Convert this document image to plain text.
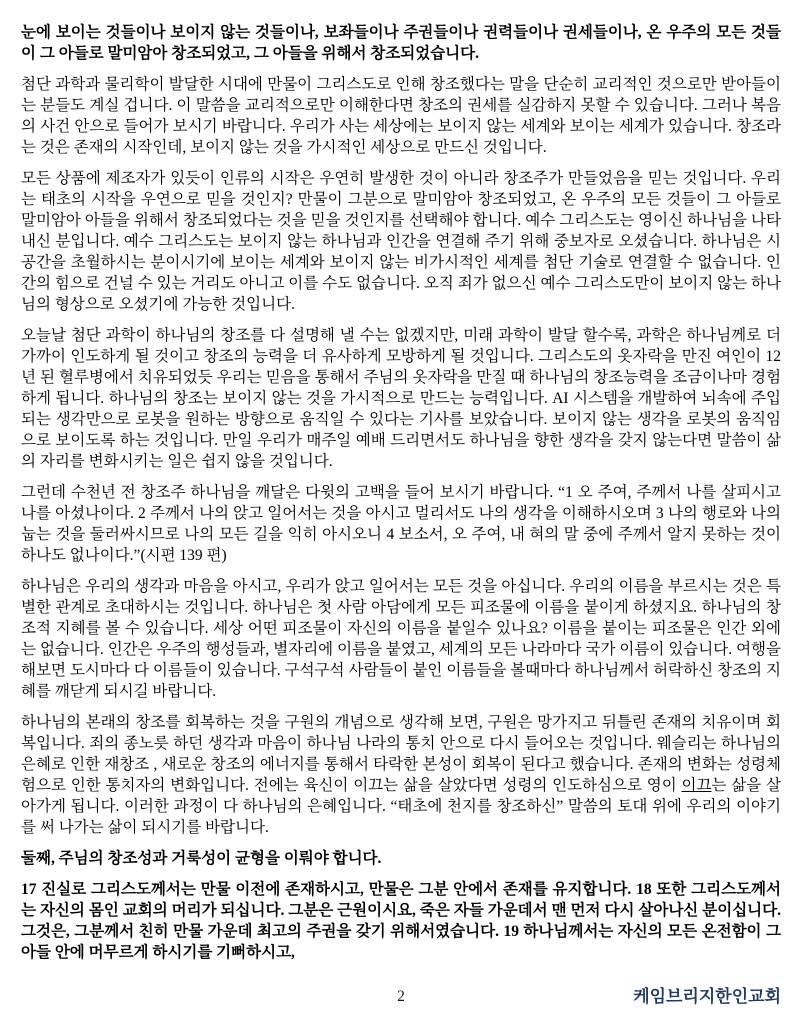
눈에 보이는 것들이나 보이지 않는 것들이나, 보좌들이나 주권들이나 권력들이나 권세들이나, 온 우주의 모든 것들이 그 아들로 말미암아 창조되었고, 그 아들을 위해서 창조되었습니다.

첨단 과학과 물리학이 발달한 시대에 만물이 그리스도로 인해 창조했다는 말을 단순히 교리적인 것으로만 받아들이는 분들도 계실 겁니다. 이 말씀을 교리적으로만 이해한다면 창조의 권세를 실감하지 못할 수 있습니다. 그러나 복음의 사건 안으로 들어가 보시기 바랍니다. 우리가 사는 세상에는 보이지 않는 세계와 보이는 세계가 있습니다. 창조라는 것은 존재의 시작인데, 보이지 않는 것을 가시적인 세상으로 만드신 것입니다.

모든 상품에 제조자가 있듯이 인류의 시작은 우연히 발생한 것이 아니라 창조주가 만들었음을 믿는 것입니다. 우리는 태초의 시작을 우연으로 믿을 것인지? 만물이 그분으로 말미암아 창조되었고, 온 우주의 모든 것들이 그 아들로 말미암아 아들을 위해서 창조되었다는 것을 믿을 것인지를 선택해야 합니다. 예수 그리스도는 영이신 하나님을 나타내신 분입니다. 예수 그리스도는 보이지 않는 하나님과 인간을 연결해 주기 위해 중보자로 오셨습니다. 하나님은 시공간을 초월하시는 분이시기에 보이는 세계와 보이지 않는 비가시적인 세계를 첨단 기술로 연결할 수 없습니다. 인간의 힘으로 건널 수 있는 거리도 아니고 이를 수도 없습니다. 오직 죄가 없으신 예수 그리스도만이 보이지 않는 하나님의 형상으로 오셨기에 가능한 것입니다.

오늘날 첨단 과학이 하나님의 창조를 다 설명해 낼 수는 없겠지만, 미래 과학이 발달 할수록, 과학은 하나님께로 더 가까이 인도하게 될 것이고 창조의 능력을 더 유사하게 모방하게 될 것입니다. 그리스도의 옷자락을 만진 여인이 12 년 된 혈루병에서 치유되었듯 우리는 믿음을 통해서 주님의 옷자락을 만질 때 하나님의 창조능력을 조금이나마 경험하게 됩니다. 하나님의 창조는 보이지 않는 것을 가시적으로 만드는 능력입니다. AI 시스템을 개발하여 뇌속에 주입되는 생각만으로 로봇을 원하는 방향으로 움직일 수 있다는 기사를 보았습니다. 보이지 않는 생각을 로봇의 움직임으로 보이도록 하는 것입니다. 만일 우리가 매주일 예배 드리면서도 하나님을 향한 생각을 갖지 않는다면 말씀이 삶의 자리를 변화시키는 일은 쉽지 않을 것입니다.

그런데 수천년 전 창조주 하나님을 깨달은 다윗의 고백을 들어 보시기 바랍니다. “1 오 주여, 주께서 나를 살피시고 나를 아셨나이다. 2 주께서 나의 앉고 일어서는 것을 아시고 멀리서도 나의 생각을 이해하시오며 3 나의 행로와 나의 눕는 것을 둘러싸시므로 나의 모든 길을 익히 아시오니 4 보소서, 오 주여, 내 혀의 말 중에 주께서 알지 못하는 것이 하나도 없나이다.”(시편 139 편)

하나님은 우리의 생각과 마음을 아시고, 우리가 앉고 일어서는 모든 것을 아십니다. 우리의 이름을 부르시는 것은 특별한 관계로 초대하시는 것입니다. 하나님은 첫 사람 아담에게 모든 피조물에 이름을 붙이게 하셨지요. 하나님의 창조적 지혜를 볼 수 있습니다. 세상 어떤 피조물이 자신의 이름을 붙일수 있나요? 이름을 붙이는 피조물은 인간 외에는 없습니다. 인간은 우주의 행성들과, 별자리에 이름을 붙였고, 세계의 모든 나라마다 국가 이름이 있습니다. 여행을 해보면 도시마다 다 이름들이 있습니다. 구석구석 사람들이 붙인 이름들을 볼때마다 하나님께서 허락하신 창조의 지혜를 깨닫게 되시길 바랍니다.

하나님의 본래의 창조를 회복하는 것을 구원의 개념으로 생각해 보면, 구원은 망가지고 뒤틀린 존재의 치유이며 회복입니다. 죄의 종노릇 하던 생각과 마음이 하나님 나라의 통치 안으로 다시 들어오는 것입니다. 웨슬리는 하나님의 은혜로 인한 재창조 , 새로운 창조의 에너지를 통해서 타락한 본성이 회복이 된다고 했습니다. 존재의 변화는 성령체험으로 인한 통치자의 변화입니다. 전에는 육신이 이끄는 삶을 살았다면 성령의 인도하심으로 영이 이끄는 삶을 살아가게 됩니다. 이러한 과정이 다 하나님의 은혜입니다. “태초에 천지를 창조하신” 말씀의 토대 위에 우리의 이야기를 써 나가는 삶이 되시기를 바랍니다.

둘째, 주님의 창조성과 거룩성이 균형을 이뤄야 합니다.

17 진실로 그리스도께서는 만물 이전에 존재하시고, 만물은 그분 안에서 존재를 유지합니다. 18 또한 그리스도께서는 자신의 몸인 교회의 머리가 되십니다. 그분은 근원이시요, 죽은 자들 가운데서 맨 먼저 다시 살아나신 분이십니다. 그것은, 그분께서 친히 만물 가운데 최고의 주권을 갖기 위해서였습니다. 19 하나님께서는 자신의 모든 온전함이 그 아들 안에 머무르게 하시기를 기뻐하시고,

2	케임브리지한인교회
